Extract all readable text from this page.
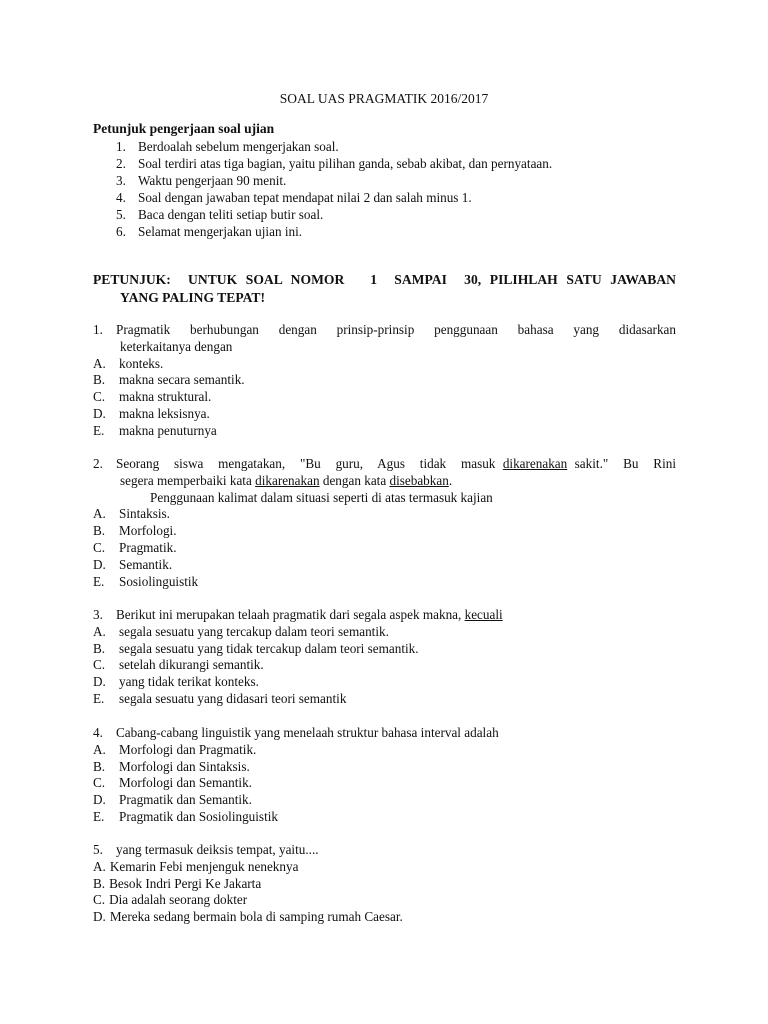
SOAL UAS PRAGMATIK 2016/2017
Petunjuk pengerjaan soal ujian
1. Berdoalah sebelum mengerjakan soal.
2. Soal terdiri atas tiga bagian, yaitu pilihan ganda, sebab akibat, dan pernyataan.
3. Waktu pengerjaan 90 menit.
4. Soal dengan jawaban tepat mendapat nilai 2 dan salah minus 1.
5. Baca dengan teliti setiap butir soal.
6. Selamat mengerjakan ujian ini.
PETUNJUK:  UNTUK SOAL NOMOR   1  SAMPAI  30, PILIHLAH SATU JAWABAN
YANG PALING TEPAT!
1. Pragmatik  berhubungan  dengan  prinsip-prinsip  penggunaan  bahasa  yang  didasarkan
keterkaitanya dengan
A. konteks.
B.	makna secara semantik.
C.	makna struktural.
D. makna leksisnya.
E.	makna penuturnya
2. Seorang  siswa  mengatakan,  "Bu  guru,  Agus  tidak  masuk dikarenakan sakit."  Bu  Rini
segera memperbaiki kata dikarenakan dengan kata disebabkan.
Penggunaan kalimat dalam situasi seperti di atas termasuk kajian
A. Sintaksis.
B.	Morfologi.
C.	Pragmatik.
D. Semantik.
E.	Sosiolinguistik
3. Berikut ini merupakan telaah pragmatik dari segala aspek makna, kecuali
A. segala sesuatu yang tercakup dalam teori semantik.
B.	segala sesuatu yang tidak tercakup dalam teori semantik.
C.	setelah dikurangi semantik.
D. yang tidak terikat konteks.
E.	segala sesuatu yang didasari teori semantik
4. Cabang-cabang linguistik yang menelaah struktur bahasa interval adalah
A. Morfologi dan Pragmatik.
B.	Morfologi dan Sintaksis.
C.	Morfologi dan Semantik.
D. Pragmatik dan Semantik.
E.	Pragmatik dan Sosiolinguistik
5. yang termasuk deiksis tempat, yaitu....
A. Kemarin Febi menjenguk neneknya
B. Besok Indri Pergi Ke Jakarta
C. Dia adalah seorang dokter
D. Mereka sedang bermain bola di samping rumah Caesar.
